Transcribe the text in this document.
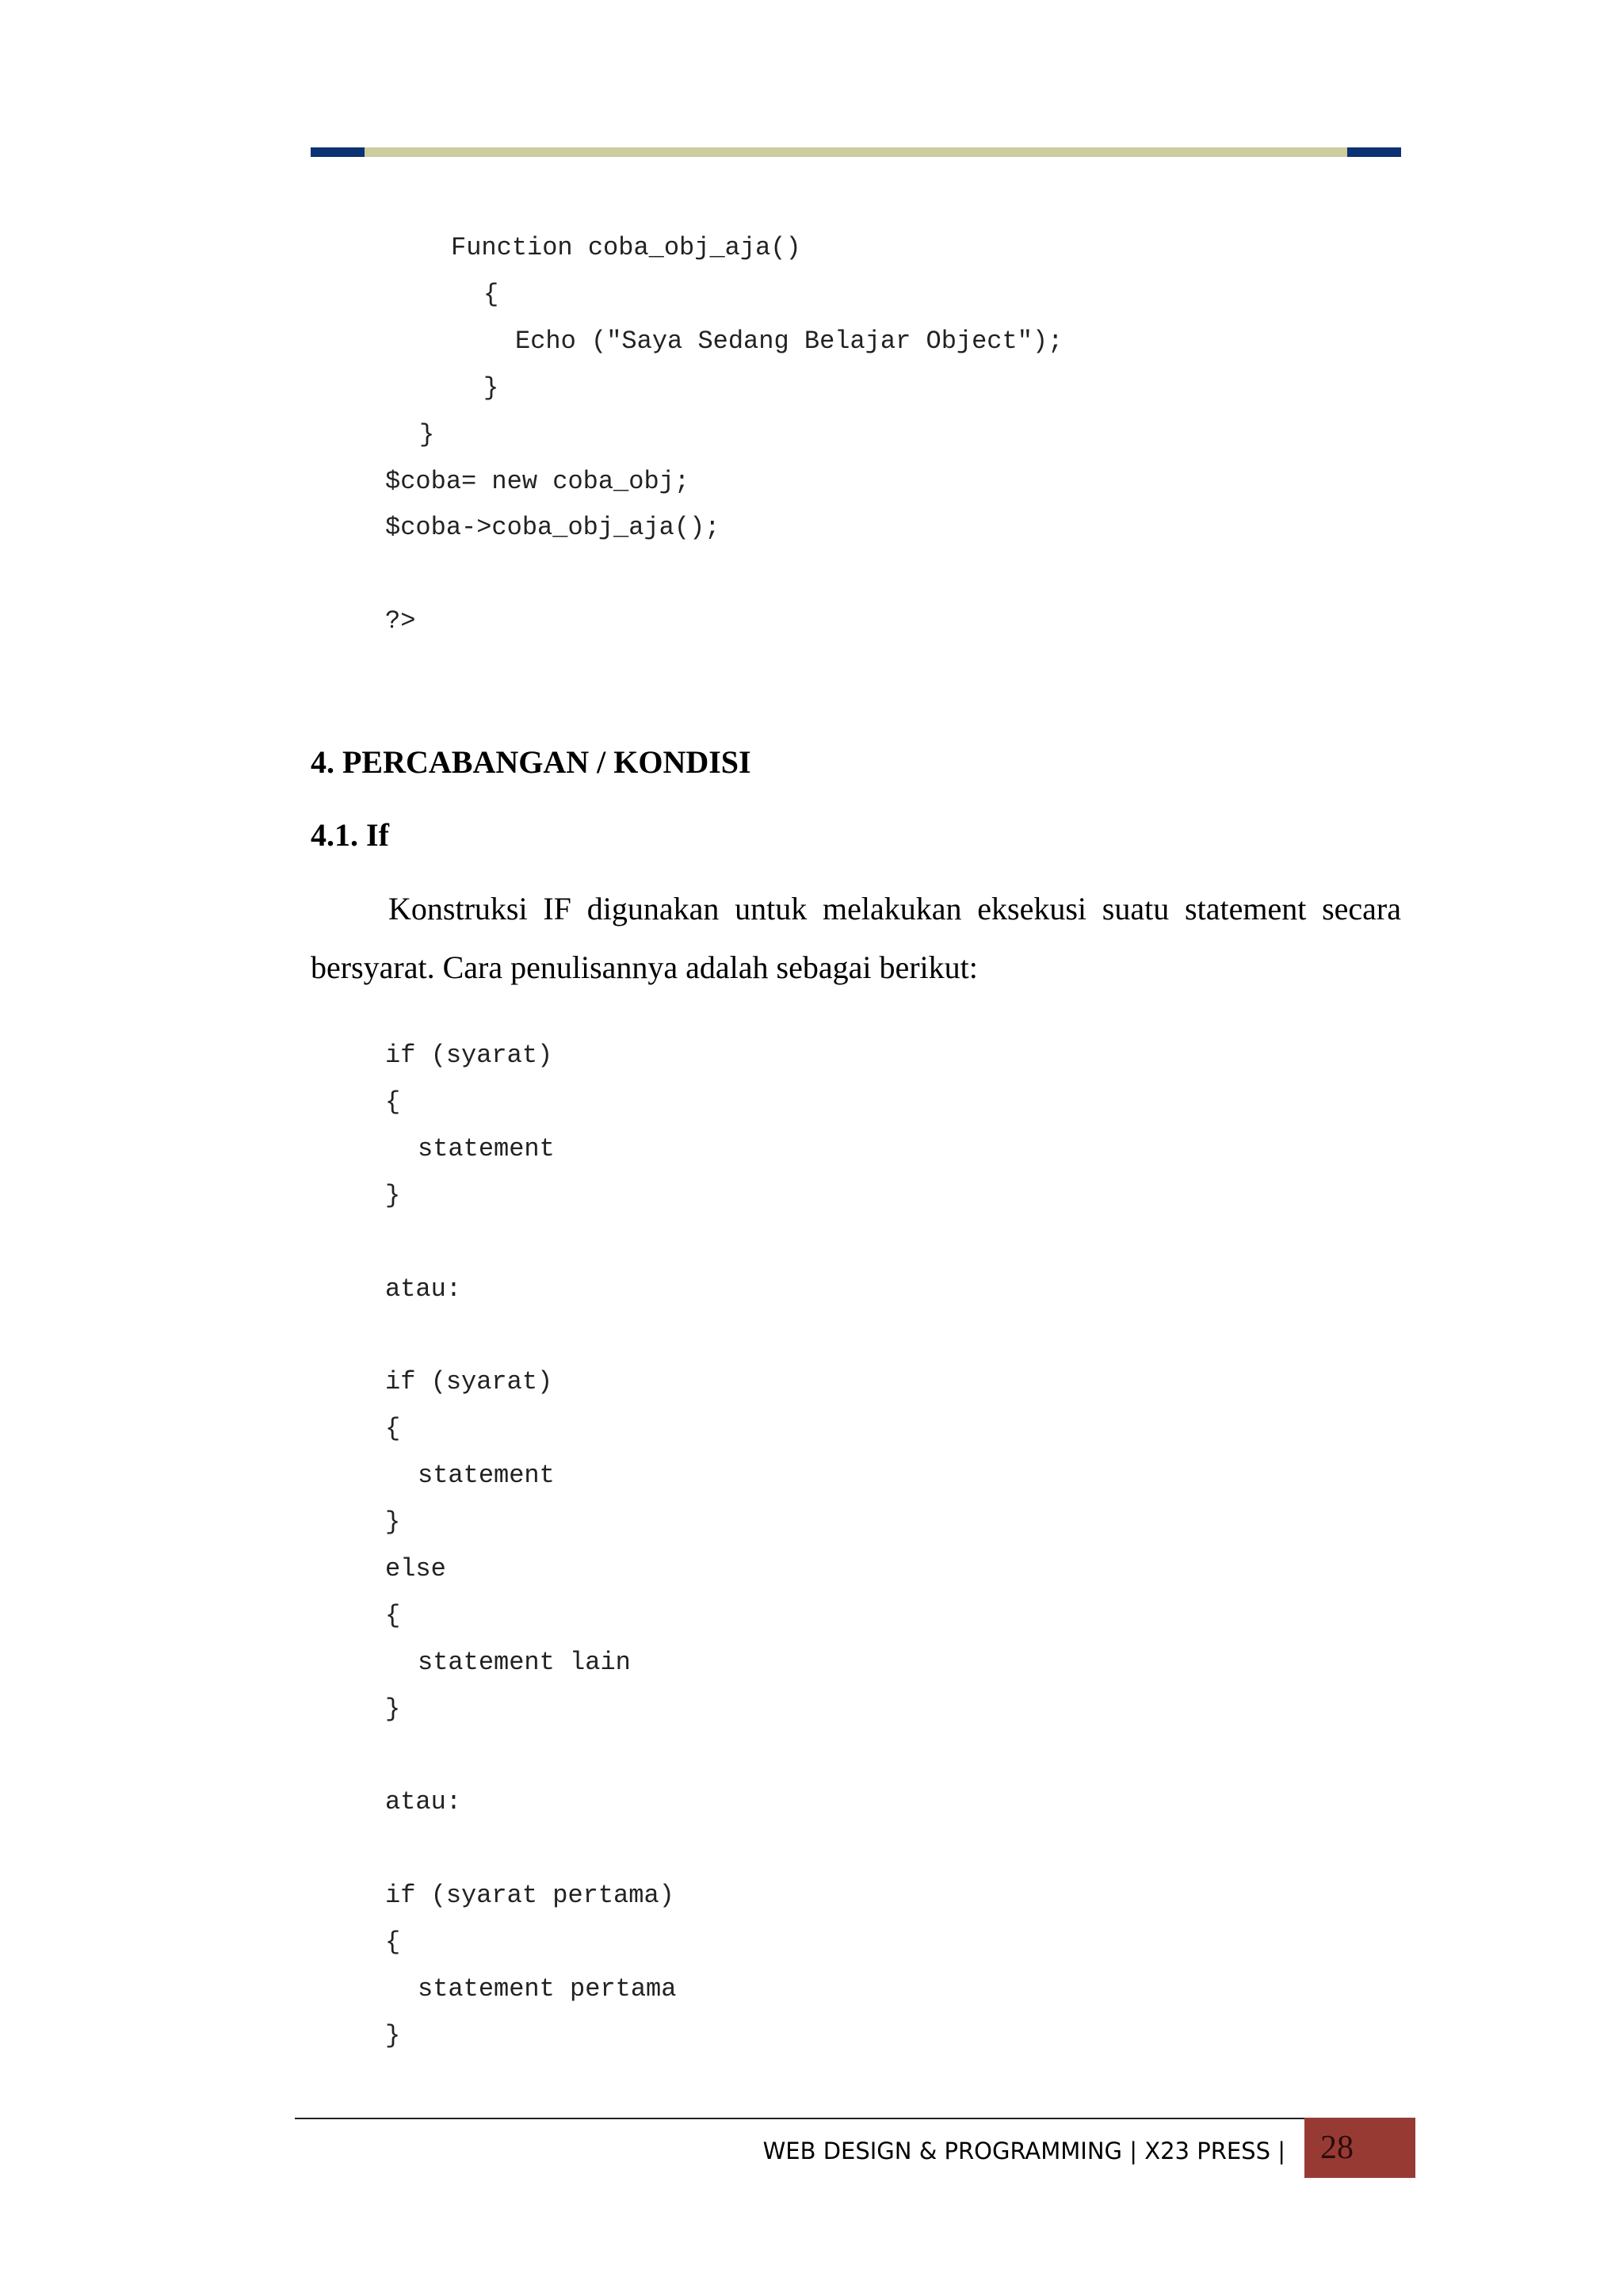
Function coba_obj_aja()
{
Echo ("Saya Sedang Belajar Object");
}
}
$coba= new coba_obj;
$coba->coba_obj_aja();
?>
4. PERCABANGAN / KONDISI
4.1. If
Konstruksi IF digunakan untuk melakukan eksekusi suatu statement secara
bersyarat. Cara penulisannya adalah sebagai berikut:
if (syarat)
{
statement
}
atau:
if (syarat)
{
statement
}
else
{
statement lain
}
atau:
if (syarat pertama)
{
statement pertama
}
WEB DESIGN & PROGRAMMING | X23 PRESS | 28
